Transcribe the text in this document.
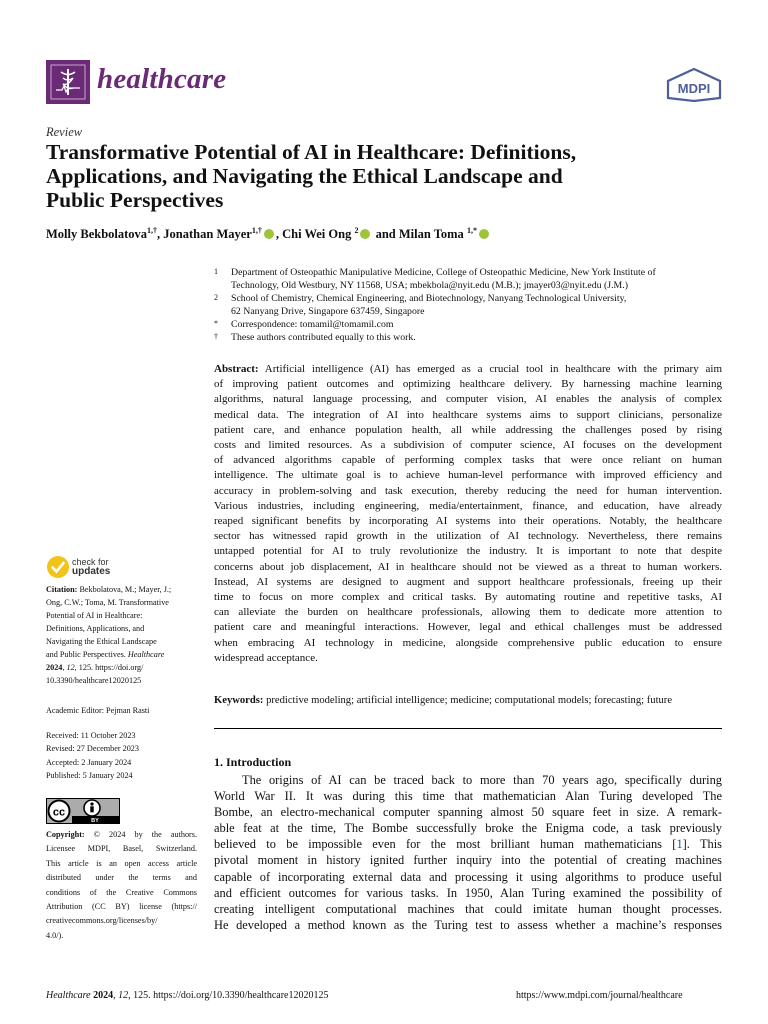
healthcare	MDPI
Review
Transformative Potential of AI in Healthcare: Definitions,
Applications, and Navigating the Ethical Landscape and
Public Perspectives
Molly Bekbolatova$^{1,\dagger}$, Jonathan Mayer$^{1,\dagger}$ , Chi Wei Ong $^2$ and Milan Toma $^{1,*}$
1 Department of Osteopathic Manipulative Medicine, College of Osteopathic Medicine, New York Institute of
Technology, Old Westbury, NY 11568, USA; mbekbola@nyit.edu (M.B.); jmayer03@nyit.edu (J.M.)
2 School of Chemistry, Chemical Engineering, and Biotechnology, Nanyang Technological University,
62 Nanyang Drive, Singapore 637459, Singapore
* Correspondence: tomamil@tomamil.com
† These authors contributed equally to this work.
Abstract: Artificial intelligence (AI) has emerged as a crucial tool in healthcare with the primary aim
of improving patient outcomes and optimizing healthcare delivery. By harnessing machine learning
algorithms, natural language processing, and computer vision, AI enables the analysis of complex
medical data. The integration of AI into healthcare systems aims to support clinicians, personalize
patient care, and enhance population health, all while addressing the challenges posed by rising
costs and limited resources. As a subdivision of computer science, AI focuses on the development
of advanced algorithms capable of performing complex tasks that were once reliant on human
intelligence. The ultimate goal is to achieve human-level performance with improved efficiency and
accuracy in problem-solving and task execution, thereby reducing the need for human intervention.
Various industries, including engineering, media/entertainment, finance, and education, have already
reaped significant benefits by incorporating AI systems into their operations. Notably, the healthcare
sector has witnessed rapid growth in the utilization of AI technology. Nevertheless, there remains
untapped potential for AI to truly revolutionize the industry. It is important to note that despite
concerns about job displacement, AI in healthcare should not be viewed as a threat to human workers.
Instead, AI systems are designed to augment and support healthcare professionals, freeing up their
time to focus on more complex and critical tasks. By automating routine and repetitive tasks, AI
can alleviate the burden on healthcare professionals, allowing them to dedicate more attention to
patient care and meaningful interactions. However, legal and ethical challenges must be addressed
when embracing AI technology in medicine, alongside comprehensive public education to ensure
widespread acceptance.
Keywords: predictive modeling; artificial intelligence; medicine; computational models; forecasting; future
1. Introduction
The origins of AI can be traced back to more than 70 years ago, specifically during
World War II. It was during this time that mathematician Alan Turing developed The
Bombe, an electro-mechanical computer spanning almost 50 square feet in size. A remark-
able feat at the time, The Bombe successfully broke the Enigma code, a task previously
believed to be impossible even for the most brilliant human mathematicians [1]. This
pivotal moment in history ignited further inquiry into the potential of creating machines
capable of incorporating external data and processing it using algorithms to produce useful
and efficient outcomes for various tasks. In 1950, Alan Turing examined the possibility of
creating intelligent computational machines that could imitate human thought processes.
He developed a method known as the Turing test to assess whether a machine’s responses
check for
updates
Citation: Bekbolatova, M.; Mayer, J.;
Ong, C.W.; Toma, M. Transformative
Potential of AI in Healthcare:
Definitions, Applications, and
Navigating the Ethical Landscape
and Public Perspectives. Healthcare
2024, 12, 125. https://doi.org/
10.3390/healthcare12020125
Academic Editor: Pejman Rasti
Received: 11 October 2023
Revised: 27 December 2023
Accepted: 2 January 2024
Published: 5 January 2024
cc
BY
Copyright: © 2024 by the authors.
Licensee MDPI, Basel, Switzerland.
This article is an open access article
distributed under the terms and
conditions of the Creative Commons
Attribution (CC BY) license (https://
creativecommons.org/licenses/by/
4.0/).
Healthcare 2024, 12, 125. https://doi.org/10.3390/healthcare12020125	https://www.mdpi.com/journal/healthcare
